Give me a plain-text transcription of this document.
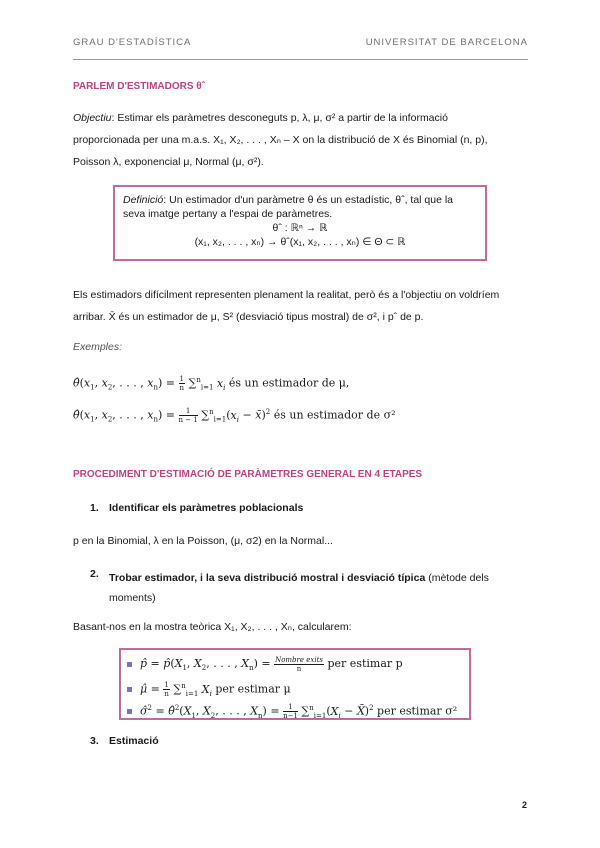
GRAU D'ESTADÍSTICA	UNIVERSITAT DE BARCELONA
PARLEM D'ESTIMADORS θˆ
Objectiu: Estimar els paràmetres desconeguts p, λ, μ, σ² a partir de la informació
proporcionada per una m.a.s. X₁, X₂, . . . , Xₙ – X on la distribució de X és Binomial (n, p),
Poisson λ, exponencial μ, Normal (μ, σ²).
Definició: Un estimador d'un paràmetre θ és un estadístic, θˆ, tal que la
seva imatge pertany a l'espai de paràmetres.
θˆ : ℝⁿ → ℝ
(x₁, x₂, . . . , xₙ) → θˆ(x₁, x₂, . . . , xₙ) ∈ Θ ⊂ ℝ
Els estimadors difícilment representen plenament la realitat, però és a l'objectiu on voldríem
arribar. X̄ és un estimador de μ, S² (desviació tipus mostral) de σ², i pˆ de p.
Exemples:
$\thetâ(x_1$, $x_2$, . . . , $x_n) = \frac{1}{n} \sum^n_{i=1}$ $x_i$ és un estimador de μ,
$\thetâ(x_1$, $x_2$, . . . , $x_n) = \frac{1}{n - 1} \sum^n_{i=1}(x_i$ − x̄)$^2$ és un estimador de σ²
PROCEDIMENT D'ESTIMACIÓ DE PARÀMETRES GENERAL EN 4 ETAPES
1. Identificar els paràmetres poblacionals
p en la Binomial, λ en la Poisson, (μ, σ2) en la Normal...
2. Trobar estimador, i la seva distribució mostral i desviació típica (mètode dels
moments)
Basant-nos en la mostra teòrica X₁, X₂, . . . , Xₙ, calcularem:
p̂ = $p̂(X_1$, $X_2$, . . . , $X_n) = \frac{\text{Nombre exits}}{n}$ per estimar p
μ̂ = $\frac{1}{n} \sum^n_{i=1}$ $X_i$ per estimar μ
σ̂$^2$ = $\thetâ^2(X_1$, $X_2$, . . . , $X_n) = \frac{1}{n-1} \sum^n_{i=1}(X_i$ − X̄)$^2$ per estimar σ²
3. Estimació
2
